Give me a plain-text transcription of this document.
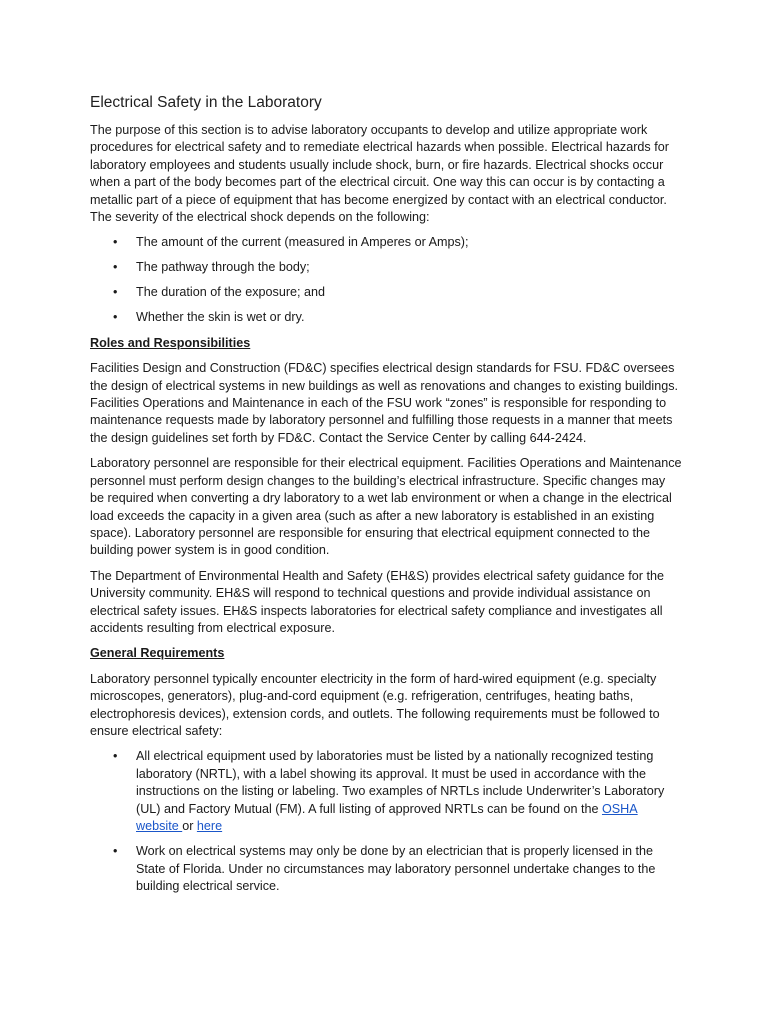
Electrical Safety in the Laboratory

The purpose of this section is to advise laboratory occupants to develop and utilize appropriate work procedures for electrical safety and to remediate electrical hazards when possible. Electrical hazards for laboratory employees and students usually include shock, burn, or fire hazards. Electrical shocks occur when a part of the body becomes part of the electrical circuit. One way this can occur is by contacting a metallic part of a piece of equipment that has become energized by contact with an electrical conductor. The severity of the electrical shock depends on the following:

• The amount of the current (measured in Amperes or Amps);
• The pathway through the body;
• The duration of the exposure; and
• Whether the skin is wet or dry.
Roles and Responsibilities

Facilities Design and Construction (FD&C) specifies electrical design standards for FSU. FD&C oversees the design of electrical systems in new buildings as well as renovations and changes to existing buildings. Facilities Operations and Maintenance in each of the FSU work “zones” is responsible for responding to maintenance requests made by laboratory personnel and fulfilling those requests in a manner that meets the design guidelines set forth by FD&C. Contact the Service Center by calling 644-2424.

Laboratory personnel are responsible for their electrical equipment. Facilities Operations and Maintenance personnel must perform design changes to the building’s electrical infrastructure. Specific changes may be required when converting a dry laboratory to a wet lab environment or when a change in the electrical load exceeds the capacity in a given area (such as after a new laboratory is established in an existing space). Laboratory personnel are responsible for ensuring that electrical equipment connected to the building power system is in good condition.

The Department of Environmental Health and Safety (EH&S) provides electrical safety guidance for the University community. EH&S will respond to technical questions and provide individual assistance on electrical safety issues. EH&S inspects laboratories for electrical safety compliance and investigates all accidents resulting from electrical exposure.

General Requirements

Laboratory personnel typically encounter electricity in the form of hard-wired equipment (e.g. specialty microscopes, generators), plug-and-cord equipment (e.g. refrigeration, centrifuges, heating baths, electrophoresis devices), extension cords, and outlets. The following requirements must be followed to ensure electrical safety:

• All electrical equipment used by laboratories must be listed by a nationally recognized testing laboratory (NRTL), with a label showing its approval. It must be used in accordance with the instructions on the listing or labeling. Two examples of NRTLs include Underwriter’s Laboratory (UL) and Factory Mutual (FM). A full listing of approved NRTLs can be found on the OSHA website or here
• Work on electrical systems may only be done by an electrician that is properly licensed in the State of Florida. Under no circumstances may laboratory personnel undertake changes to the building electrical service.
